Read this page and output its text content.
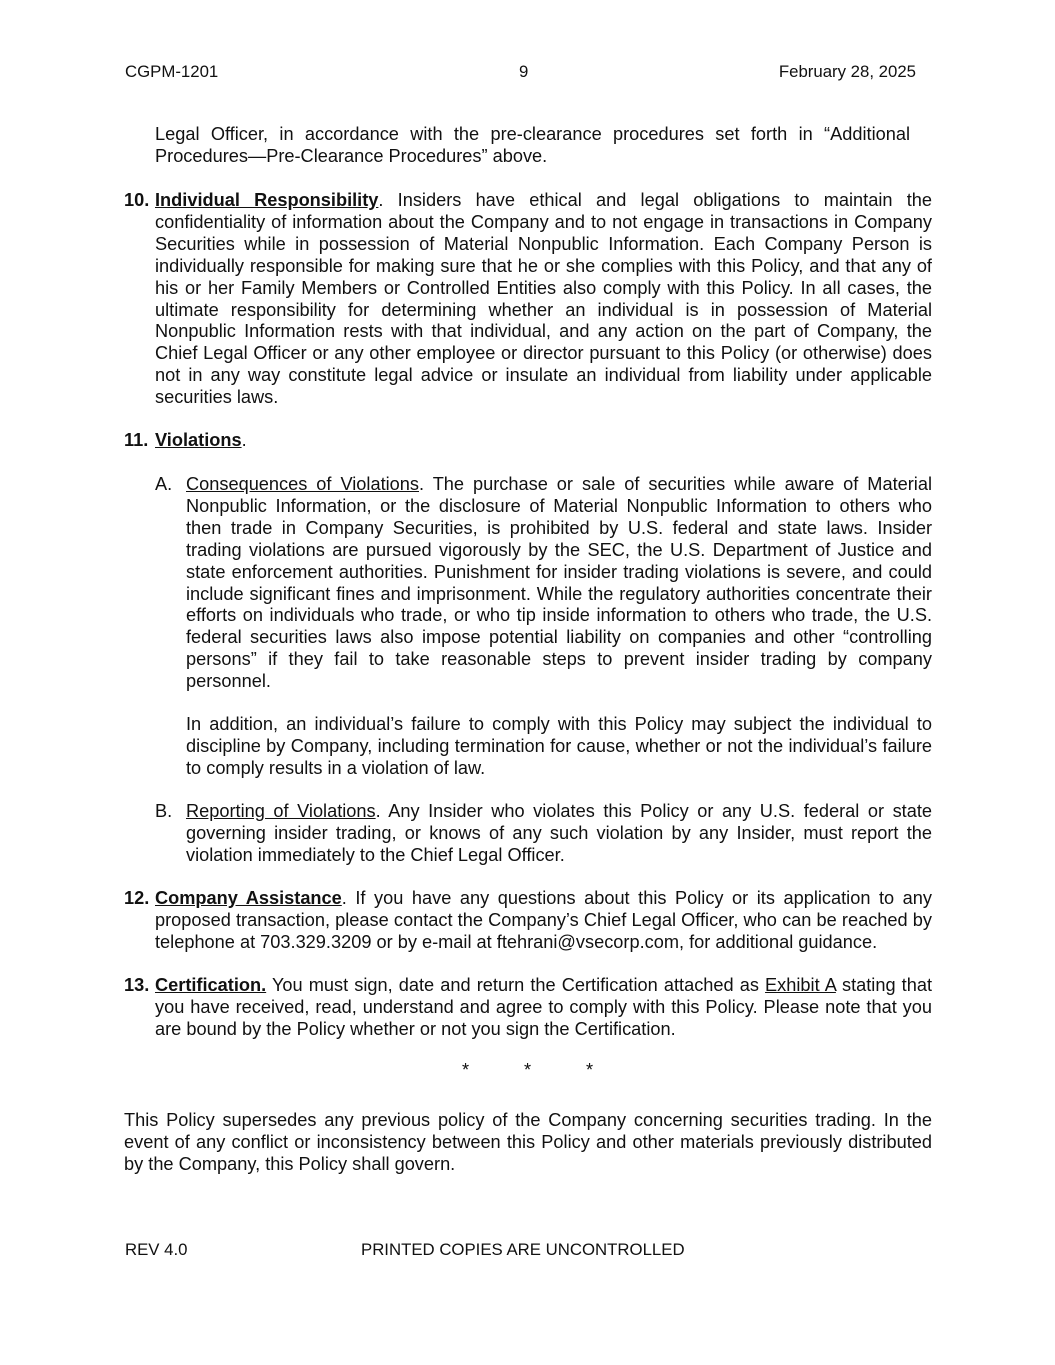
CGPM-1201	9	February 28, 2025
Legal Officer, in accordance with the pre-clearance procedures set forth in “Additional Procedures—Pre-Clearance Procedures” above.
10. Individual Responsibility. Insiders have ethical and legal obligations to maintain the confidentiality of information about the Company and to not engage in transactions in Company Securities while in possession of Material Nonpublic Information. Each Company Person is individually responsible for making sure that he or she complies with this Policy, and that any of his or her Family Members or Controlled Entities also comply with this Policy. In all cases, the ultimate responsibility for determining whether an individual is in possession of Material Nonpublic Information rests with that individual, and any action on the part of Company, the Chief Legal Officer or any other employee or director pursuant to this Policy (or otherwise) does not in any way constitute legal advice or insulate an individual from liability under applicable securities laws.
11. Violations.
A. Consequences of Violations. The purchase or sale of securities while aware of Material Nonpublic Information, or the disclosure of Material Nonpublic Information to others who then trade in Company Securities, is prohibited by U.S. federal and state laws. Insider trading violations are pursued vigorously by the SEC, the U.S. Department of Justice and state enforcement authorities. Punishment for insider trading violations is severe, and could include significant fines and imprisonment. While the regulatory authorities concentrate their efforts on individuals who trade, or who tip inside information to others who trade, the U.S. federal securities laws also impose potential liability on companies and other “controlling persons” if they fail to take reasonable steps to prevent insider trading by company personnel.
In addition, an individual’s failure to comply with this Policy may subject the individual to discipline by Company, including termination for cause, whether or not the individual’s failure to comply results in a violation of law.
B. Reporting of Violations. Any Insider who violates this Policy or any U.S. federal or state governing insider trading, or knows of any such violation by any Insider, must report the violation immediately to the Chief Legal Officer.
12. Company Assistance. If you have any questions about this Policy or its application to any proposed transaction, please contact the Company’s Chief Legal Officer, who can be reached by telephone at 703.329.3209 or by e-mail at ftehrani@vsecorp.com, for additional guidance.
13. Certification. You must sign, date and return the Certification attached as Exhibit A stating that you have received, read, understand and agree to comply with this Policy. Please note that you are bound by the Policy whether or not you sign the Certification.
*	*	*
This Policy supersedes any previous policy of the Company concerning securities trading. In the event of any conflict or inconsistency between this Policy and other materials previously distributed by the Company, this Policy shall govern.
REV 4.0	PRINTED COPIES ARE UNCONTROLLED
